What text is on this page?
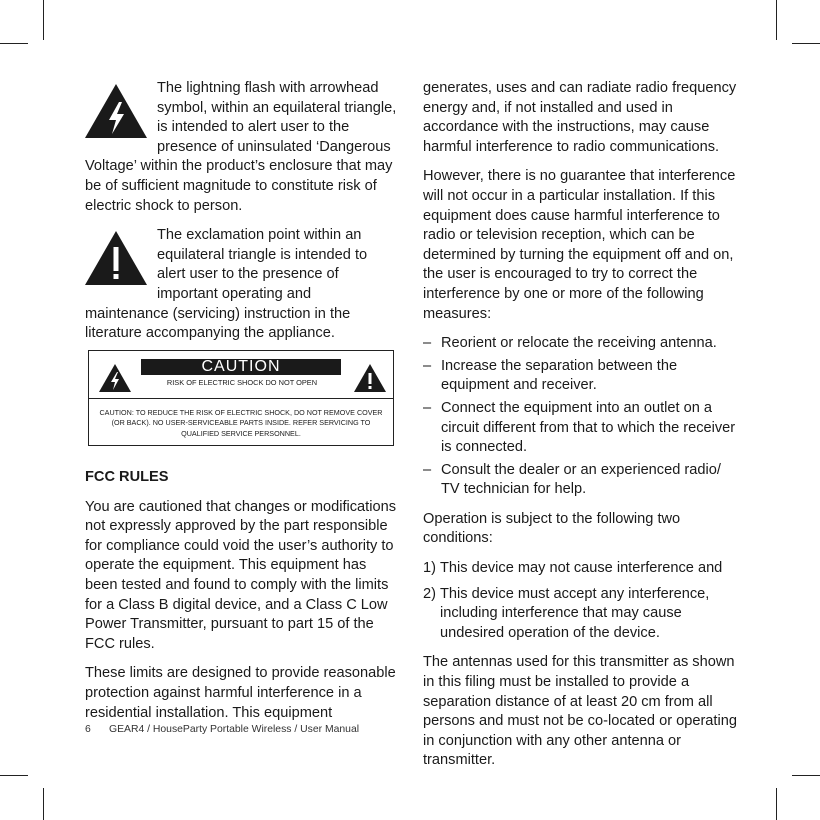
The lightning flash with arrowhead symbol, within an equilateral triangle, is intended to alert user to the presence of uninsulated ‘Dangerous Voltage’ within the product’s enclosure that may be of sufficient magnitude to constitute risk of electric shock to person.

The exclamation point within an equilateral triangle is intended to alert user to the presence of important operating and maintenance (servicing) instruction in the literature accompanying the appliance.

CAUTION
RISK OF ELECTRIC SHOCK DO NOT OPEN
CAUTION: TO REDUCE THE RISK OF ELECTRIC SHOCK, DO NOT REMOVE COVER (OR BACK). NO USER-SERVICEABLE PARTS INSIDE. REFER SERVICING TO QUALIFIED SERVICE PERSONNEL.

FCC RULES

You are cautioned that changes or modifications not expressly approved by the part responsible for compliance could void the user’s authority to operate the equipment. This equipment has been tested and found to comply with the limits for a Class B digital device, and a Class C Low Power Transmitter, pursuant to part 15 of the FCC rules.

These limits are designed to provide reasonable protection against harmful interference in a residential installation. This equipment

generates, uses and can radiate radio frequency energy and, if not installed and used in accordance with the instructions, may cause harmful interference to radio communications.

However, there is no guarantee that interference will not occur in a particular installation. If this equipment does cause harmful interference to radio or television reception, which can be determined by turning the equipment off and on, the user is encouraged to try to correct the interference by one or more of the following measures:

– Reorient or relocate the receiving antenna.
– Increase the separation between the equipment and receiver.
– Connect the equipment into an outlet on a circuit different from that to which the receiver is connected.
– Consult the dealer or an experienced radio/ TV technician for help.

Operation is subject to the following two conditions:

1) This device may not cause interference and
2) This device must accept any interference, including interference that may cause undesired operation of the device.

The antennas used for this transmitter as shown in this filing must be installed to provide a separation distance of at least 20 cm from all persons and must not be co-located or operating in conjunction with any other antenna or transmitter.

6 GEAR4 / HouseParty Portable Wireless / User Manual
